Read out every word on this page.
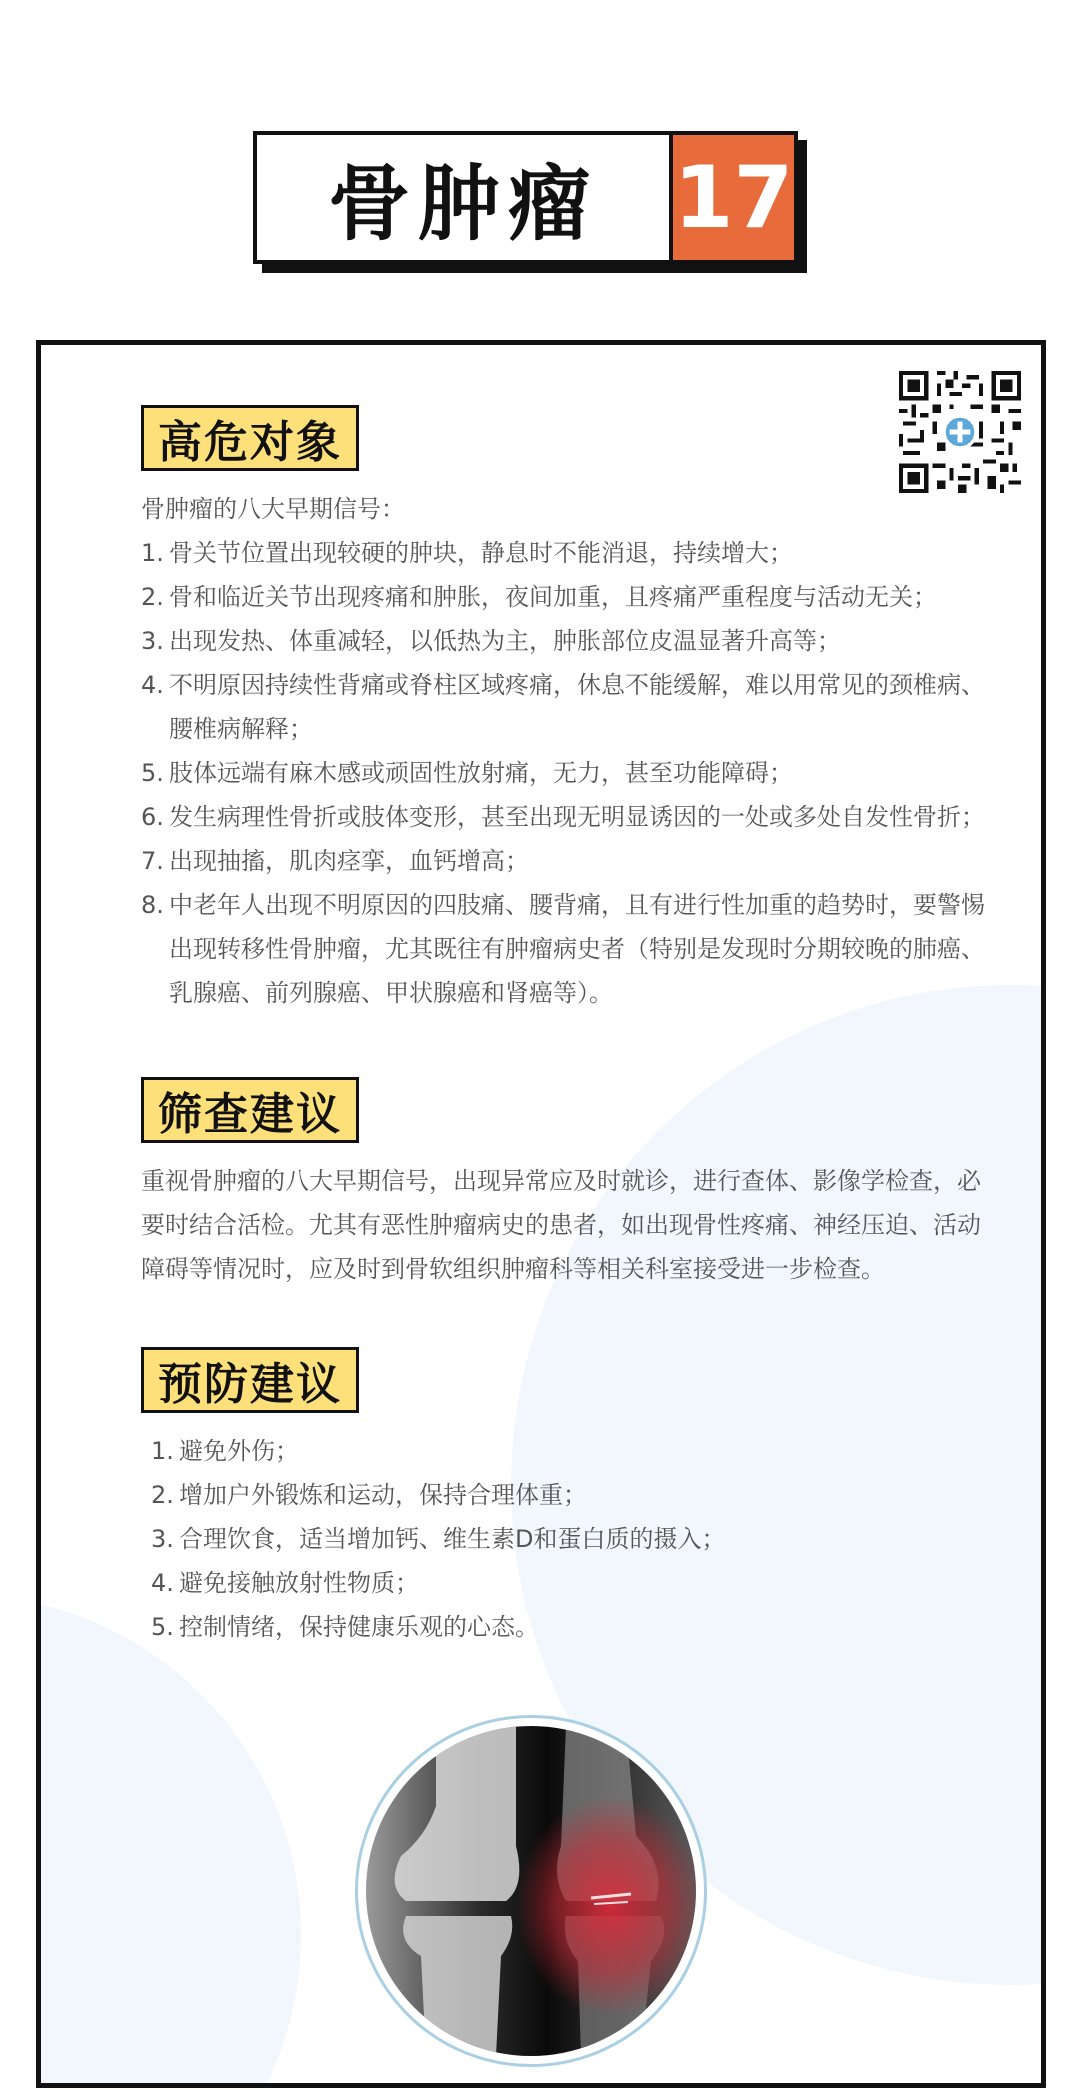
骨肿瘤 17
高危对象
骨肿瘤的八大早期信号：
1. 骨关节位置出现较硬的肿块，静息时不能消退，持续增大；
2. 骨和临近关节出现疼痛和肿胀，夜间加重，且疼痛严重程度与活动无关；
3. 出现发热、体重减轻，以低热为主，肿胀部位皮温显著升高等；
4. 不明原因持续性背痛或脊柱区域疼痛，休息不能缓解，难以用常见的颈椎病、腰椎病解释；
5. 肢体远端有麻木感或顽固性放射痛，无力，甚至功能障碍；
6. 发生病理性骨折或肢体变形，甚至出现无明显诱因的一处或多处自发性骨折；
7. 出现抽搐，肌肉痉挛，血钙增高；
8. 中老年人出现不明原因的四肢痛、腰背痛，且有进行性加重的趋势时，要警惕出现转移性骨肿瘤，尤其既往有肿瘤病史者（特别是发现时分期较晚的肺癌、乳腺癌、前列腺癌、甲状腺癌和肾癌等）。
筛查建议
重视骨肿瘤的八大早期信号，出现异常应及时就诊，进行查体、影像学检查，必要时结合活检。尤其有恶性肿瘤病史的患者，如出现骨性疼痛、神经压迫、活动障碍等情况时，应及时到骨软组织肿瘤科等相关科室接受进一步检查。
预防建议
1. 避免外伤；
2. 增加户外锻炼和运动，保持合理体重；
3. 合理饮食，适当增加钙、维生素D和蛋白质的摄入；
4. 避免接触放射性物质；
5. 控制情绪，保持健康乐观的心态。
